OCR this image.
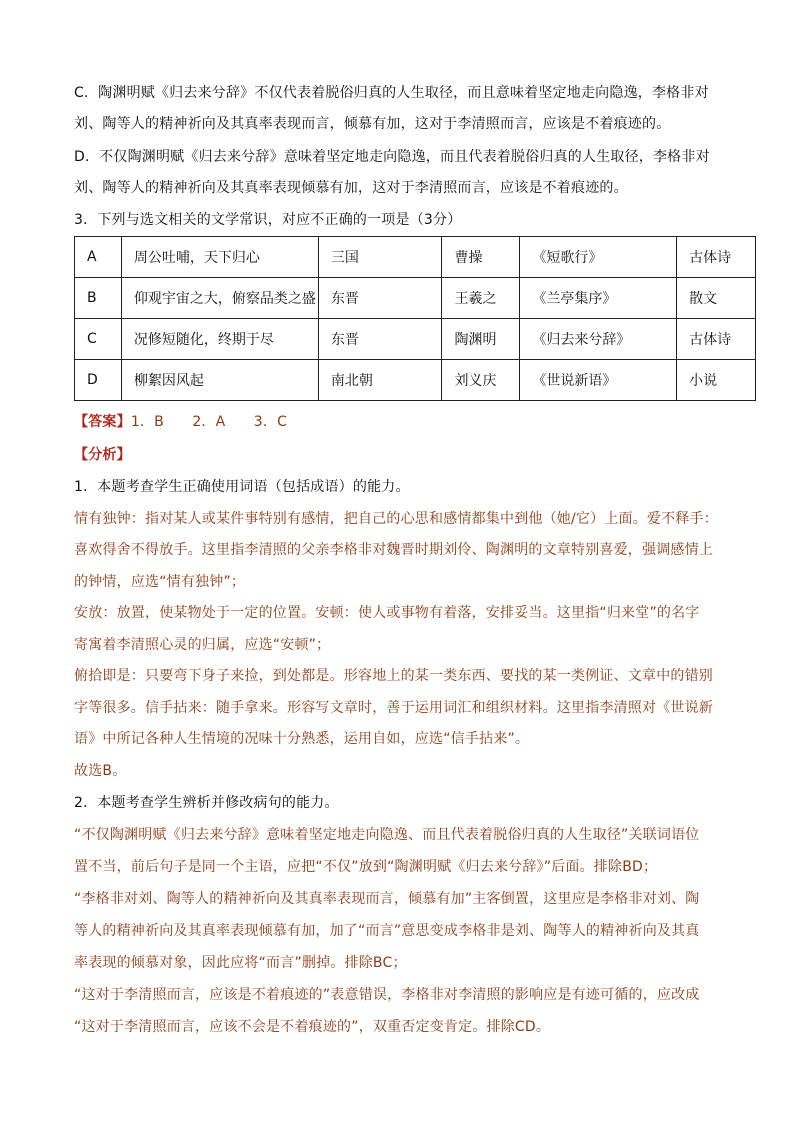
C．陶渊明赋《归去来兮辞》不仅代表着脱俗归真的人生取径，而且意味着坚定地走向隐逸，李格非对
刘、陶等人的精神祈向及其真率表现而言，倾慕有加，这对于李清照而言，应该是不着痕迹的。
D．不仅陶渊明赋《归去来兮辞》意味着坚定地走向隐逸，而且代表着脱俗归真的人生取径，李格非对
刘、陶等人的精神祈向及其真率表现倾慕有加，这对于李清照而言，应该是不着痕迹的。
3．下列与选文相关的文学常识，对应不正确的一项是（3分）
A	周公吐哺，天下归心	三国	曹操	《短歌行》	古体诗
B	仰观宇宙之大，俯察品类之盛	东晋	王羲之	《兰亭集序》	散文
C	况修短随化，终期于尽	东晋	陶渊明	《归去来兮辞》	古体诗
D	柳絮因风起	南北朝	刘义庆	《世说新语》	小说
【答案】1．B　　2．A　　3．C
【分析】
1．本题考查学生正确使用词语（包括成语）的能力。
情有独钟：指对某人或某件事特别有感情，把自己的心思和感情都集中到他（她/它）上面。爱不释手：
喜欢得舍不得放手。这里指李清照的父亲李格非对魏晋时期刘伶、陶渊明的文章特别喜爱，强调感情上
的钟情，应选“情有独钟”；
安放：放置，使某物处于一定的位置。安顿：使人或事物有着落，安排妥当。这里指“归来堂”的名字
寄寓着李清照心灵的归属，应选“安顿”；
俯拾即是：只要弯下身子来捡，到处都是。形容地上的某一类东西、要找的某一类例证、文章中的错别
字等很多。信手拈来：随手拿来。形容写文章时，善于运用词汇和组织材料。这里指李清照对《世说新
语》中所记各种人生情境的况味十分熟悉，运用自如，应选“信手拈来”。
故选B。
2．本题考查学生辨析并修改病句的能力。
“不仅陶渊明赋《归去来兮辞》意味着坚定地走向隐逸、而且代表着脱俗归真的人生取径”关联词语位
置不当，前后句子是同一个主语，应把“不仅”放到“陶渊明赋《归去来兮辞》”后面。排除BD；
“李格非对刘、陶等人的精神祈向及其真率表现而言，倾慕有加”主客倒置，这里应是李格非对刘、陶
等人的精神祈向及其真率表现倾慕有加，加了“而言”意思变成李格非是刘、陶等人的精神祈向及其真
率表现的倾慕对象，因此应将“而言”删掉。排除BC；
“这对于李清照而言，应该是不着痕迹的”表意错误，李格非对李清照的影响应是有迹可循的，应改成
“这对于李清照而言，应该不会是不着痕迹的”，双重否定变肯定。排除CD。
